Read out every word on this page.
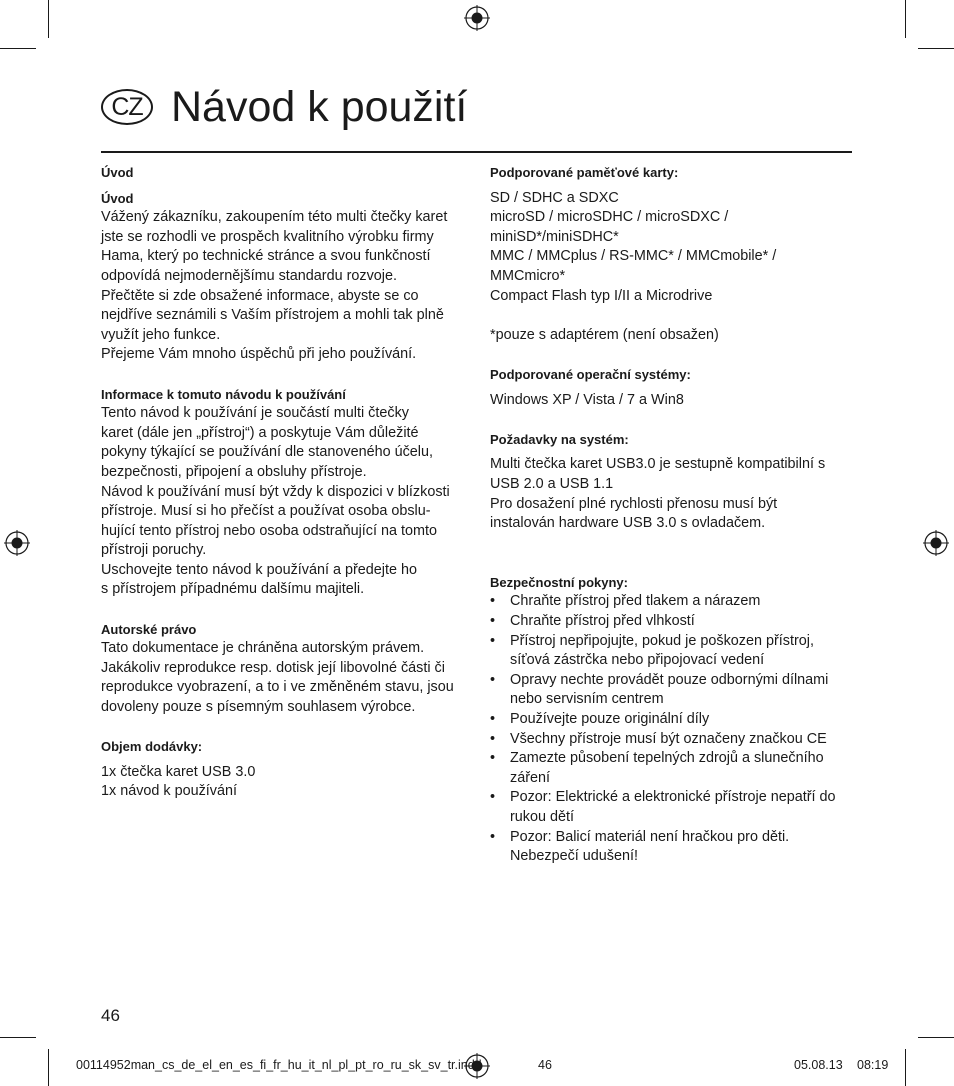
CZ Návod k použití

Úvod

Úvod

Vážený zákazníku, zakoupením této multi čtečky karet

jste se rozhodli ve prospěch kvalitního výrobku firmy

Hama, který po technické stránce a svou funkčností

odpovídá nejmodernějšímu standardu rozvoje.

Přečtěte si zde obsažené informace, abyste se co

nejdříve seznámili s Vaším přístrojem a mohli tak plně

využít jeho funkce.

Přejeme Vám mnoho úspěchů při jeho používání.

Informace k tomuto návodu k používání

Tento návod k používání je součástí multi čtečky

karet (dále jen „přístroj“) a poskytuje Vám důležité

pokyny týkající se používání dle stanoveného účelu,

bezpečnosti, připojení a obsluhy přístroje.

Návod k používání musí být vždy k dispozici v blízkosti

přístroje. Musí si ho přečíst a používat osoba obslu-

hující tento přístroj nebo osoba odstraňující na tomto

přístroji poruchy.

Uschovejte tento návod k používání a předejte ho

s přístrojem případnému dalšímu majiteli.

Autorské právo

Tato dokumentace je chráněna autorským právem.

Jakákoliv reprodukce resp. dotisk její libovolné části či

reprodukce vyobrazení, a to i ve změněném stavu, jsou

dovoleny pouze s písemným souhlasem výrobce.

Objem dodávky:

1x čtečka karet USB 3.0

1x návod k používání

Podporované paměťové karty:

SD / SDHC a SDXC

microSD / microSDHC / microSDXC / miniSD*/miniSDHC*

MMC / MMCplus / RS-MMC* / MMCmobile* /

MMCmicro*

Compact Flash typ I/II a Microdrive

*pouze s adaptérem (není obsažen)

Podporované operační systémy:

Windows XP / Vista / 7 a Win8

Požadavky na systém:

Multi čtečka karet USB3.0 je sestupně kompatibilní s

USB 2.0 a USB 1.1

Pro dosažení plné rychlosti přenosu musí být

instalován hardware USB 3.0 s ovladačem.

Bezpečnostní pokyny:

• Chraňte přístroj před tlakem a nárazem
• Chraňte přístroj před vlhkostí
• Přístroj nepřipojujte, pokud je poškozen přístroj,
síťová zástrčka nebo připojovací vedení
• Opravy nechte provádět pouze odbornými dílnami
nebo servisním centrem
• Používejte pouze originální díly
• Všechny přístroje musí být označeny značkou CE
• Zamezte působení tepelných zdrojů a slunečního
záření
• Pozor: Elektrické a elektronické přístroje nepatří do
rukou dětí
• Pozor: Balicí materiál není hračkou pro děti.
Nebezpečí udušení!
46
00114952man_cs_de_el_en_es_fi_fr_hu_it_nl_pl_pt_ro_ru_sk_sv_tr.indd	46	05.08.13 08:19
